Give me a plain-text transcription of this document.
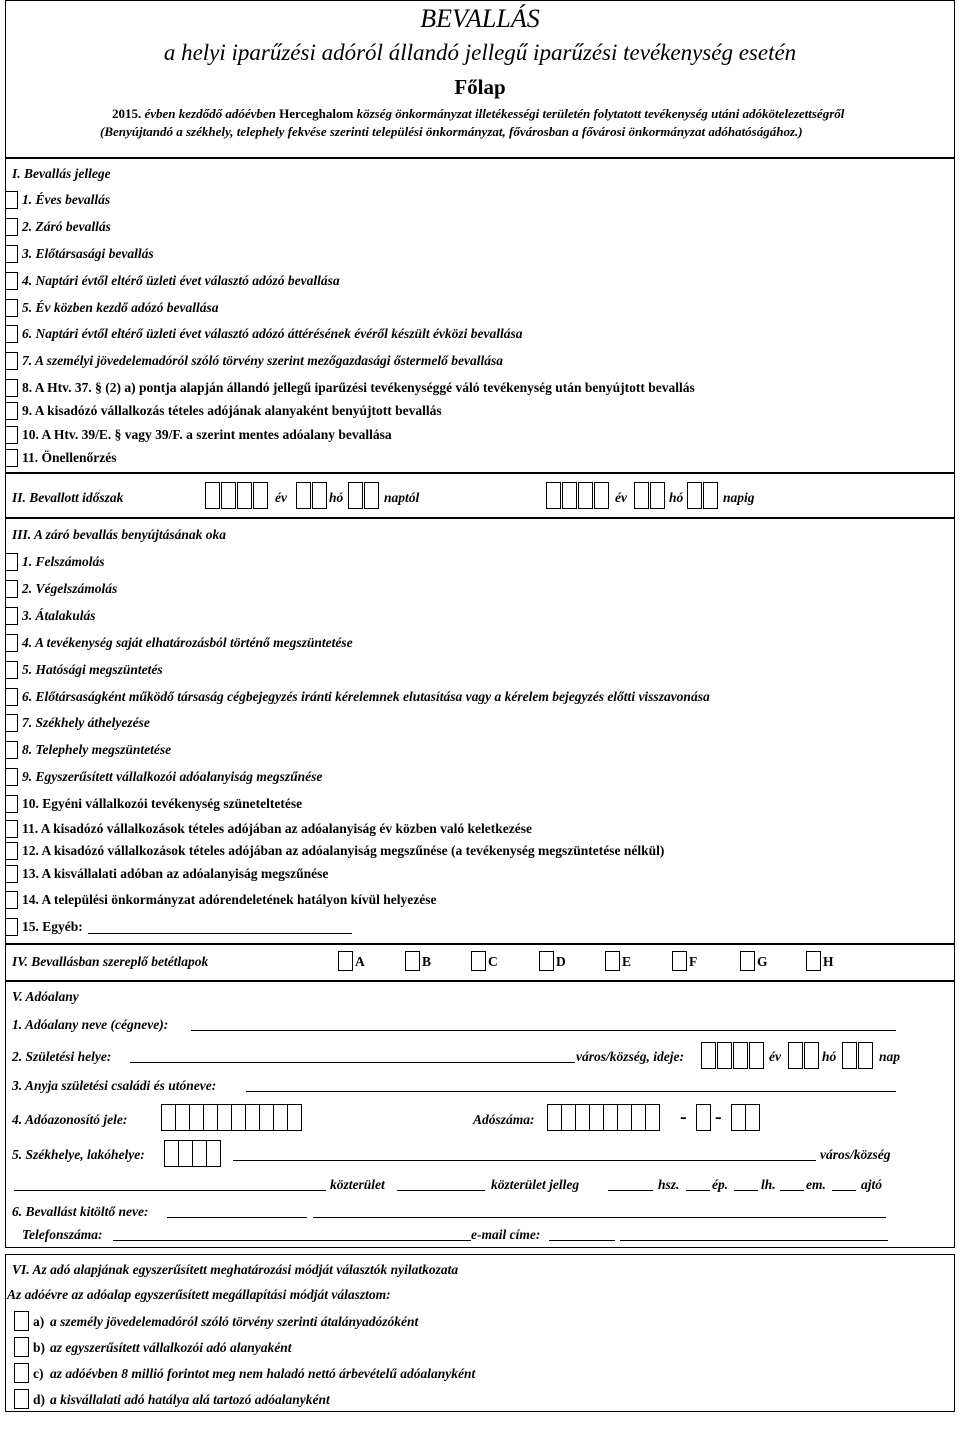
BEVALLÁS
a helyi iparűzési adóról állandó jellegű iparűzési tevékenység esetén
Főlap
2015. évben kezdődő adóévben Herceghalom község önkormányzat illetékességi területén folytatott tevékenység utáni adókötelezettségről
(Benyújtandó a székhely, telephely fekvése szerinti települési önkormányzat, fővárosban a fővárosi önkormányzat adóhatóságához.)
I. Bevallás jellege
1. Éves bevallás
2. Záró bevallás
3. Előtársasági bevallás
4. Naptári évtől eltérő üzleti évet választó adózó bevallása
5. Év közben kezdő adózó bevallása
6. Naptári évtől eltérő üzleti évet választó adózó áttérésének évéről készült évközi bevallása
7. A személyi jövedelemadóról szóló törvény szerint mezőgazdasági őstermelő bevallása
8. A Htv. 37. § (2) a) pontja alapján állandó jellegű iparűzési tevékenységgé váló tevékenység után benyújtott bevallás
9. A kisadózó vállalkozás tételes adójának alanyaként benyújtott bevallás
10. A Htv. 39/E. § vagy 39/F. a szerint mentes adóalany bevallása
11. Önellenőrzés
II. Bevallott időszak	év	hó	naptól	év	hó	napig
III. A záró bevallás benyújtásának oka
1. Felszámolás
2. Végelszámolás
3. Átalakulás
4. A tevékenység saját elhatározásból történő megszüntetése
5. Hatósági megszüntetés
6. Előtársaságként működő társaság cégbejegyzés iránti kérelemnek elutasítása vagy a kérelem bejegyzés előtti visszavonása
7. Székhely áthelyezése
8. Telephely megszüntetése
9. Egyszerűsített vállalkozói adóalanyiság megszűnése
10. Egyéni vállalkozói tevékenység szüneteltetése
11. A kisadózó vállalkozások tételes adójában az adóalanyiság év közben való keletkezése
12. A kisadózó vállalkozások tételes adójában az adóalanyiság megszűnése (a tevékenység megszüntetése nélkül)
13. A kisvállalati adóban az adóalanyiság megszűnése
14. A települési önkormányzat adórendeletének hatályon kívül helyezése
15. Egyéb:
IV. Bevallásban szereplő betétlapok	A	B	C	D	E	F	G	H
V. Adóalany
1. Adóalany neve (cégneve):
2. Születési helye:	város/község, ideje:	év	hó	nap
3. Anyja születési családi és utóneve:
4. Adóazonosító jele:	Adószáma:	- -
5. Székhelye, lakóhelye:	város/község
közterület	közterület jelleg	hsz. ép. lh. em.	ajtó
6. Bevallást kitöltő neve:
Telefonszáma:	e-mail címe:
VI. Az adó alapjának egyszerűsített meghatározási módját választók nyilatkozata
Az adóévre az adóalap egyszerűsített megállapítási módját választom:
a) a személy jövedelemadóról szóló törvény szerinti átalányadózóként
b) az egyszerűsített vállalkozói adó alanyaként
c) az adóévben 8 millió forintot meg nem haladó nettó árbevételű adóalanyként
d) a kisvállalati adó hatálya alá tartozó adóalanyként
